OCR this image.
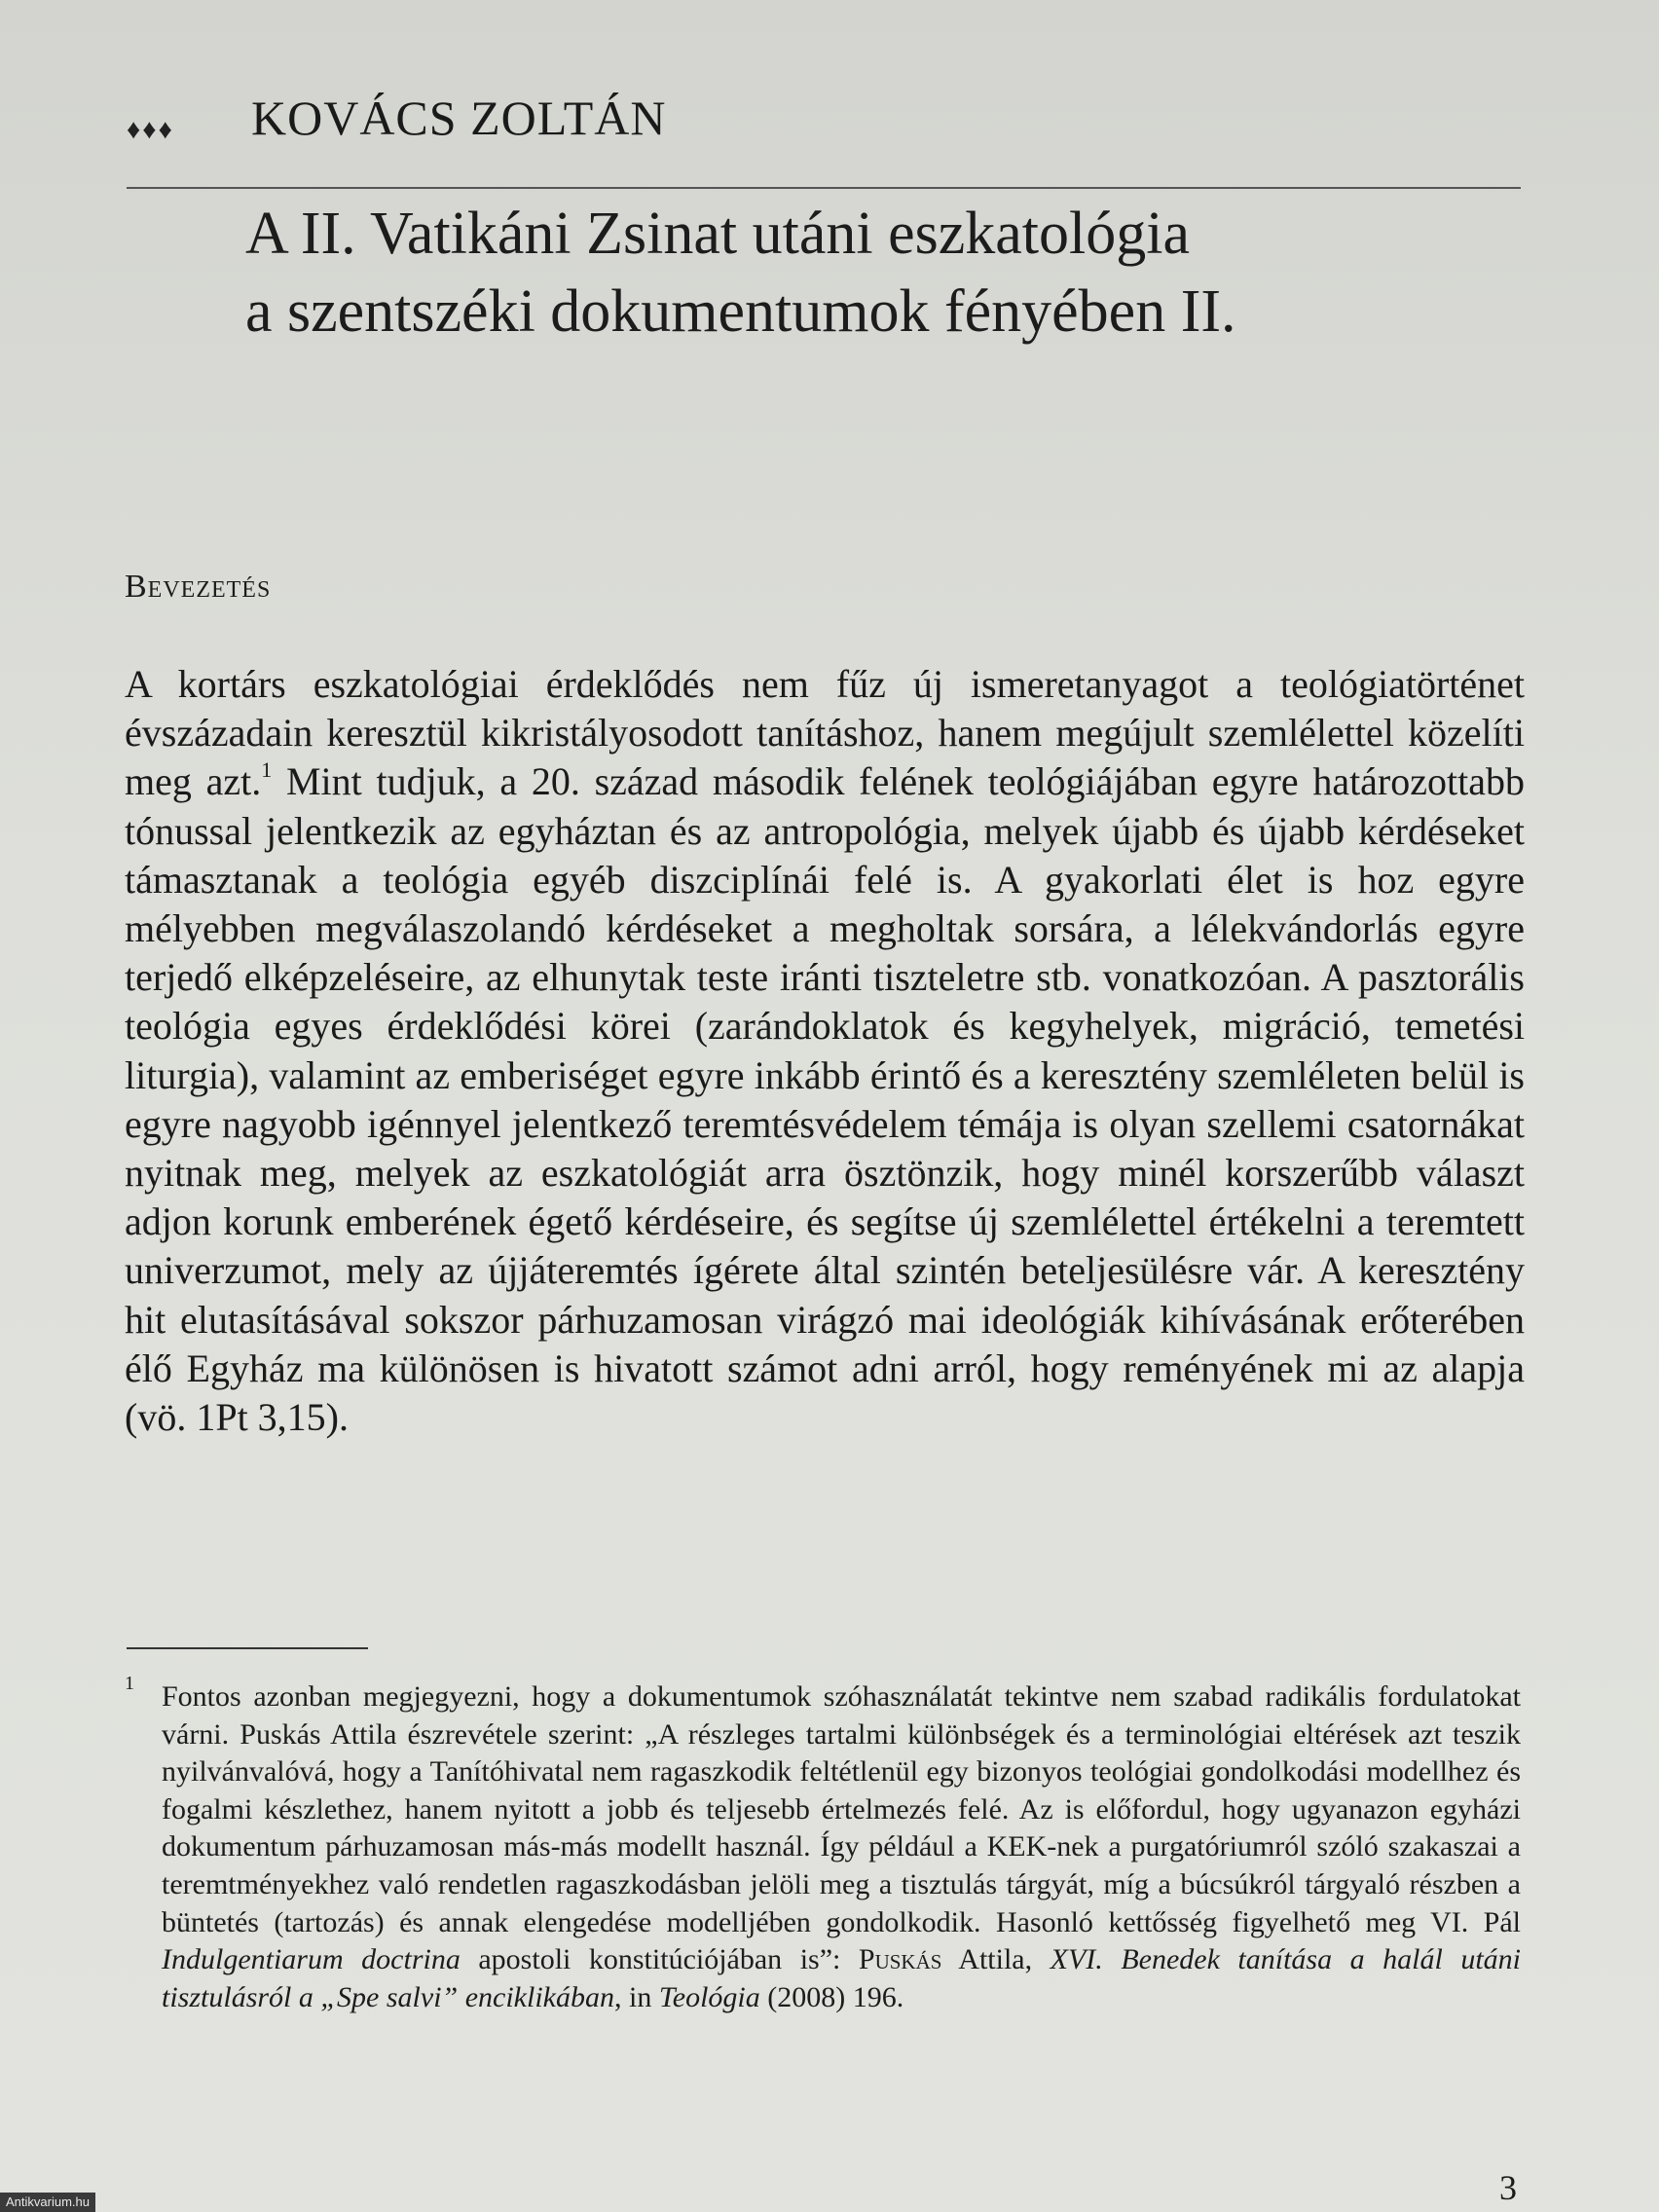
♦♦♦ KOVÁCS ZOLTÁN
A II. Vatikáni Zsinat utáni eszkatológia
a szentszéki dokumentumok fényében II.
Bevezetés
A kortárs eszkatológiai érdeklődés nem fűz új ismeretanyagot a teológiatörténet évszázadain keresztül kikristályosodott tanításhoz, hanem megújult szemlélettel közelíti meg azt.$^1$ Mint tudjuk, a 20. század második felének teológiájában egyre határozottabb tónussal jelentkezik az egyháztan és az antropológia, melyek újabb és újabb kérdéseket támasztanak a teológia egyéb diszciplínái felé is. A gyakorlati élet is hoz egyre mélyebben megválaszolandó kérdéseket a megholtak sorsára, a lélekvándorlás egyre terjedő elképzeléseire, az elhunytak teste iránti tiszteletre stb. vonatkozóan. A pasztorális teológia egyes érdeklődési körei (zarándoklatok és kegyhelyek, migráció, temetési liturgia), valamint az emberiséget egyre inkább érintő és a keresztény szemléleten belül is egyre nagyobb igénnyel jelentkező teremtésvédelem témája is olyan szellemi csatornákat nyitnak meg, melyek az eszkatológiát arra ösztönzik, hogy minél korszerűbb választ adjon korunk emberének égető kérdéseire, és segítse új szemlélettel értékelni a teremtett univerzumot, mely az újjáteremtés ígérete által szintén beteljesülésre vár. A keresztény hit elutasításával sokszor párhuzamosan virágzó mai ideológiák kihívásának erőterében élő Egyház ma különösen is hivatott számot adni arról, hogy reményének mi az alapja (vö. 1Pt 3,15).
1 Fontos azonban megjegyezni, hogy a dokumentumok szóhasználatát tekintve nem szabad radikális fordulatokat várni. Puskás Attila észrevétele szerint: „A részleges tartalmi különbségek és a terminológiai eltérések azt teszik nyilvánvalóvá, hogy a Tanítóhivatal nem ragaszkodik feltétlenül egy bizonyos teológiai gondolkodási modellhez és fogalmi készlethez, hanem nyitott a jobb és teljesebb értelmezés felé. Az is előfordul, hogy ugyanazon egyházi dokumentum párhuzamosan más-más modellt használ. Így például a KEK-nek a purgatóriumról szóló szakaszai a teremtményekhez való rendetlen ragaszkodásban jelöli meg a tisztulás tárgyát, míg a búcsúkról tárgyaló részben a büntetés (tartozás) és annak elengedése modelljében gondolkodik. Hasonló kettősség figyelhető meg VI. Pál Indulgentiarum doctrina apostoli konstitúciójában is”: Puskás Attila, XVI. Benedek tanítása a halál utáni tisztulásról a „Spe salvi” enciklikában, in Teológia (2008) 196.
3
Antikvarium.hu
